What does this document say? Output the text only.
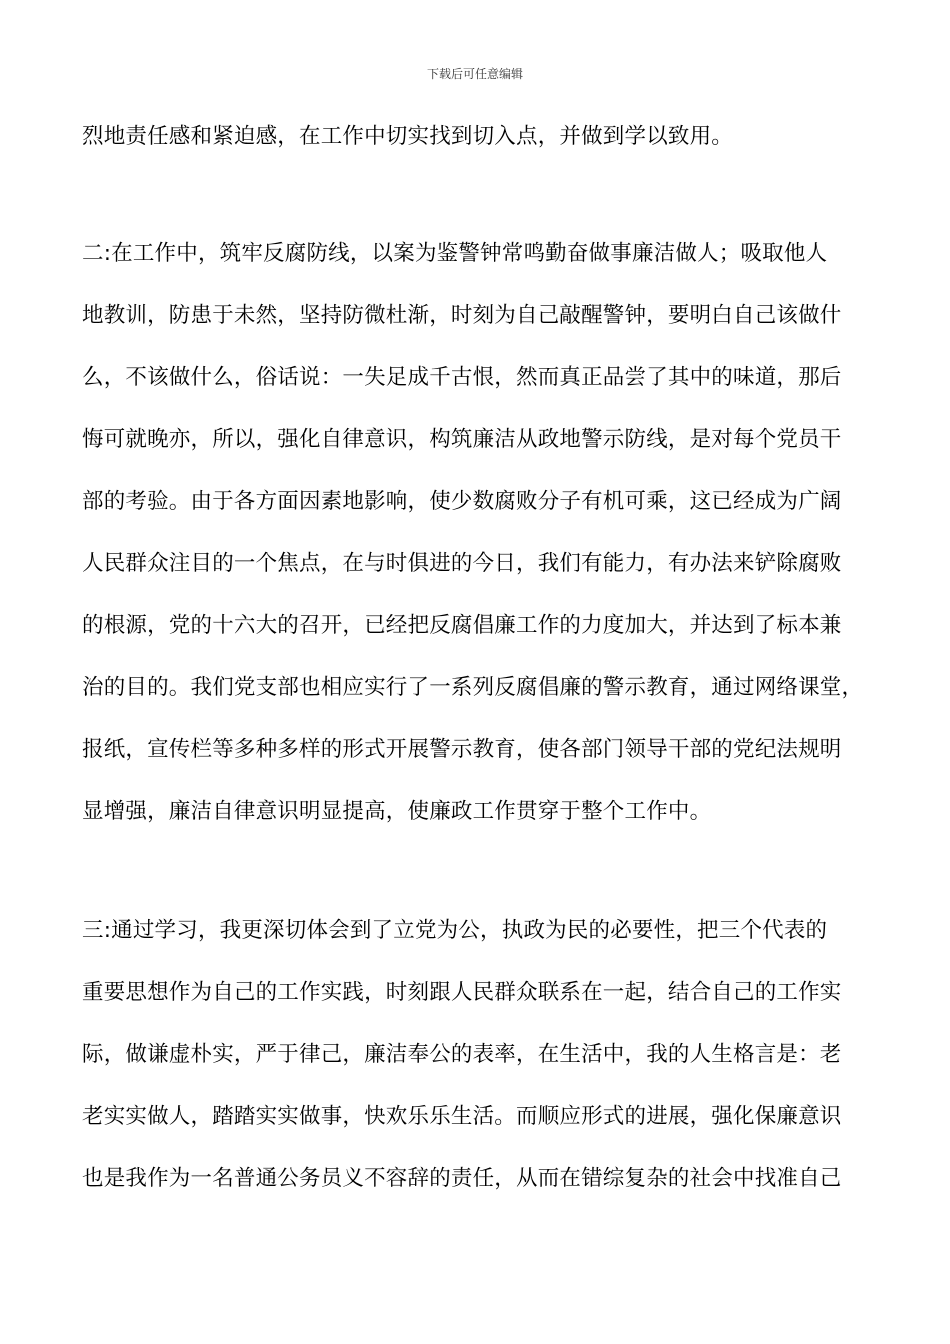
下载后可任意编辑
烈地责任感和紧迫感，在工作中切实找到切入点，并做到学以致用。
二:在工作中，筑牢反腐防线，以案为鉴警钟常鸣勤奋做事廉洁做人；吸取他人
地教训，防患于未然，坚持防微杜渐，时刻为自己敲醒警钟，要明白自己该做什
么，不该做什么，俗话说：一失足成千古恨，然而真正品尝了其中的味道，那后
悔可就晚亦，所以，强化自律意识，构筑廉洁从政地警示防线，是对每个党员干
部的考验。由于各方面因素地影响，使少数腐败分子有机可乘，这已经成为广阔
人民群众注目的一个焦点，在与时俱进的今日，我们有能力，有办法来铲除腐败
的根源，党的十六大的召开，已经把反腐倡廉工作的力度加大，并达到了标本兼
治的目的。我们党支部也相应实行了一系列反腐倡廉的警示教育，通过网络课堂，
报纸，宣传栏等多种多样的形式开展警示教育，使各部门领导干部的党纪法规明
显增强，廉洁自律意识明显提高，使廉政工作贯穿于整个工作中。
三:通过学习，我更深切体会到了立党为公，执政为民的必要性，把三个代表的
重要思想作为自己的工作实践，时刻跟人民群众联系在一起，结合自己的工作实
际，做谦虚朴实，严于律己，廉洁奉公的表率，在生活中，我的人生格言是：老
老实实做人，踏踏实实做事，快欢乐乐生活。而顺应形式的进展，强化保廉意识
也是我作为一名普通公务员义不容辞的责任，从而在错综复杂的社会中找准自己
